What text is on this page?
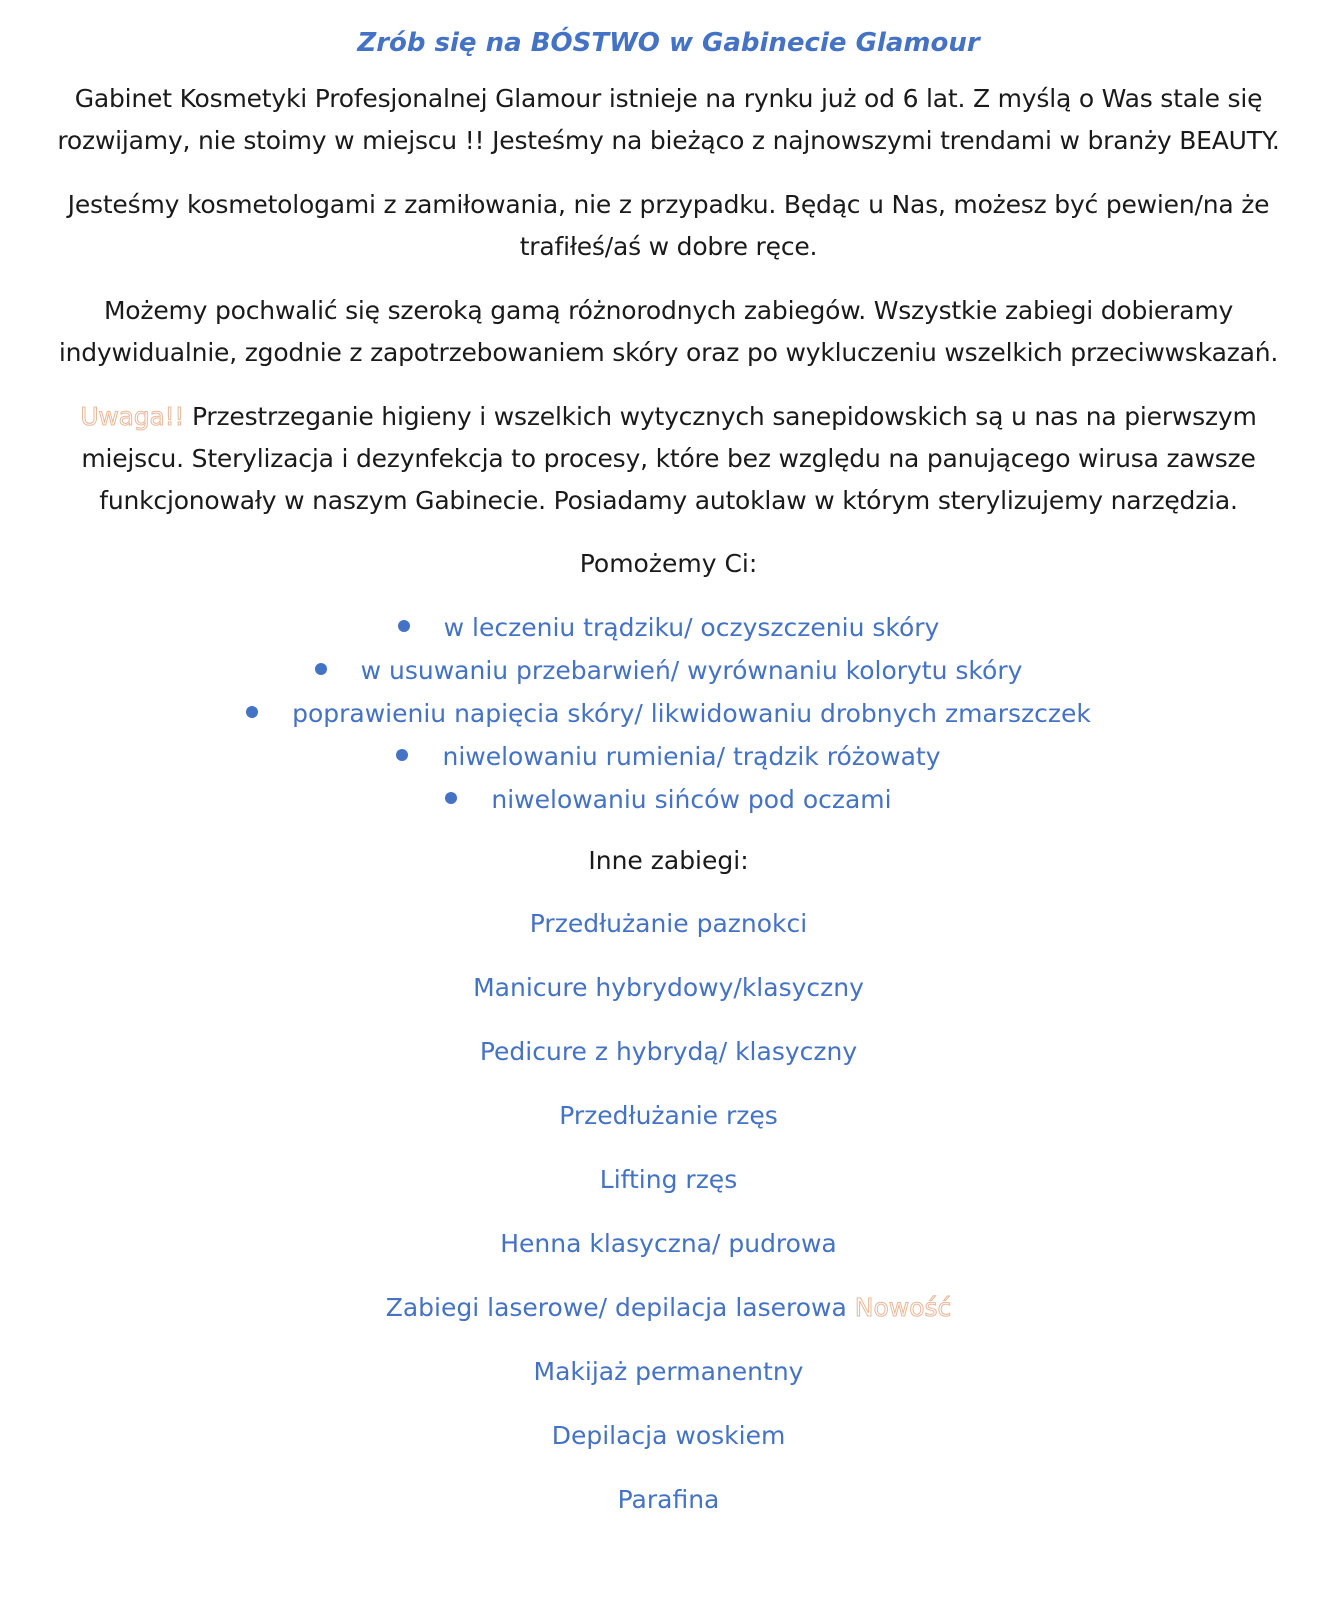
Zrób się na BÓSTWO w Gabinecie Glamour

Gabinet Kosmetyki Profesjonalnej Glamour istnieje na rynku już od 6 lat. Z myślą o Was stale się rozwijamy, nie stoimy w miejscu !! Jesteśmy na bieżąco z najnowszymi trendami w branży BEAUTY.

Jesteśmy kosmetologami z zamiłowania, nie z przypadku. Będąc u Nas, możesz być pewien/na że trafiłeś/aś w dobre ręce.

Możemy pochwalić się szeroką gamą różnorodnych zabiegów. Wszystkie zabiegi dobieramy indywidualnie, zgodnie z zapotrzebowaniem skóry oraz po wykluczeniu wszelkich przeciwwskazań.

Uwaga!! Przestrzeganie higieny i wszelkich wytycznych sanepidowskich są u nas na pierwszym miejscu. Sterylizacja i dezynfekcja to procesy, które bez względu na panującego wirusa zawsze funkcjonowały w naszym Gabinecie. Posiadamy autoklaw w którym sterylizujemy narzędzia.

Pomożemy Ci:
w leczeniu trądziku/ oczyszczeniu skóry
w usuwaniu przebarwień/ wyrównaniu kolorytu skóry
poprawieniu napięcia skóry/ likwidowaniu drobnych zmarszczek
niwelowaniu rumienia/ trądzik różowaty
niwelowaniu sińców pod oczami
Inne zabiegi:
Przedłużanie paznokci
Manicure hybrydowy/klasyczny
Pedicure z hybrydą/ klasyczny
Przedłużanie rzęs
Lifting rzęs
Henna klasyczna/ pudrowa
Zabiegi laserowe/ depilacja laserowa Nowość
Makijaż permanentny
Depilacja woskiem
Parafina
